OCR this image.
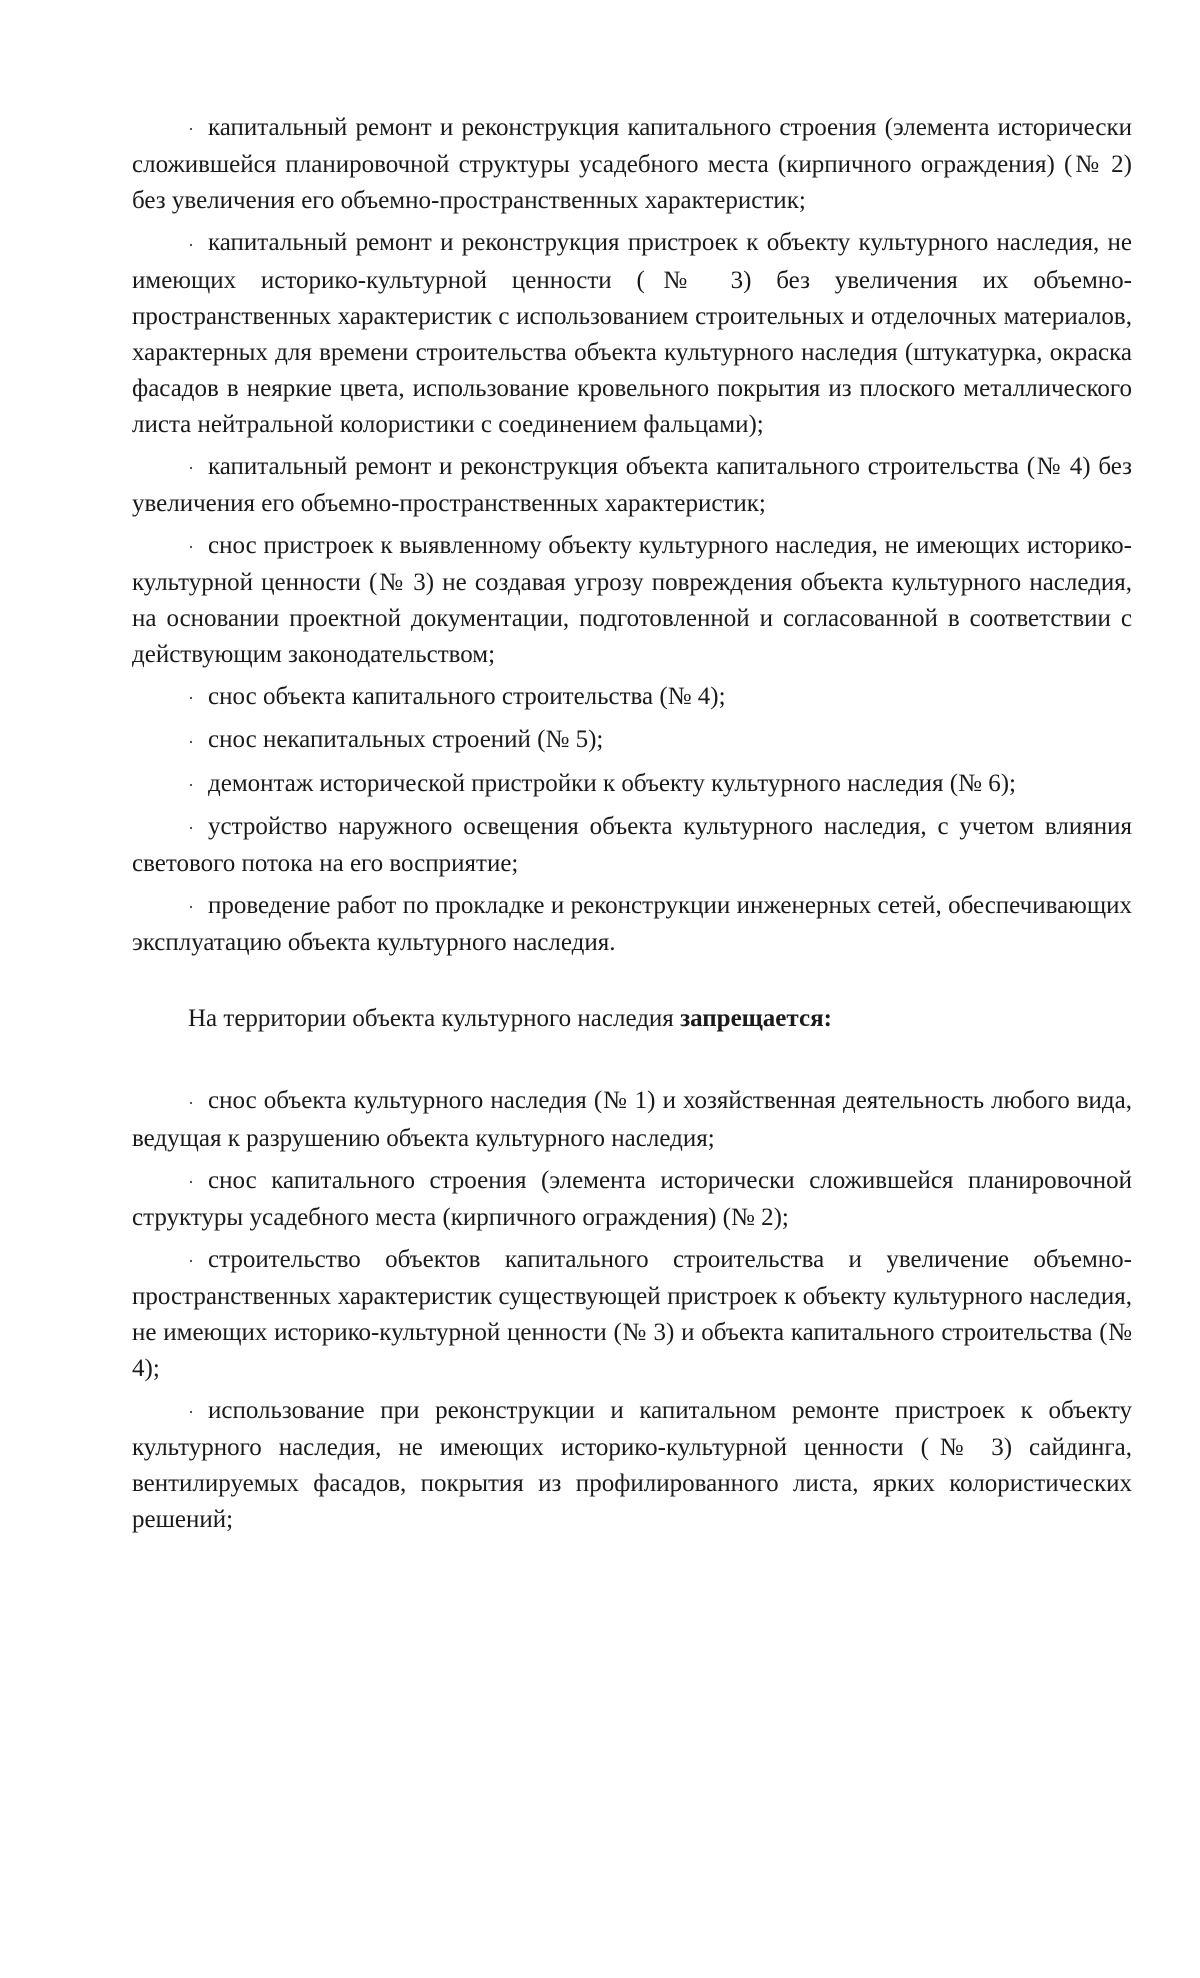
· капитальный ремонт и реконструкция капитального строения (элемента исторически сложившейся планировочной структуры усадебного места (кирпичного ограждения) (№ 2) без увеличения его объемно-пространственных характеристик;

· капитальный ремонт и реконструкция пристроек к объекту культурного наследия, не имеющих историко-культурной ценности (№ 3) без увеличения их объемно-пространственных характеристик с использованием строительных и отделочных материалов, характерных для времени строительства объекта культурного наследия (штукатурка, окраска фасадов в неяркие цвета, использование кровельного покрытия из плоского металлического листа нейтральной колористики с соединением фальцами);

· капитальный ремонт и реконструкция объекта капитального строительства (№ 4) без увеличения его объемно-пространственных характеристик;

· снос пристроек к выявленному объекту культурного наследия, не имеющих историко-культурной ценности (№ 3) не создавая угрозу повреждения объекта культурного наследия, на основании проектной документации, подготовленной и согласованной в соответствии с действующим законодательством;

· снос объекта капитального строительства (№ 4);

· снос некапитальных строений (№ 5);

· демонтаж исторической пристройки к объекту культурного наследия (№ 6);

· устройство наружного освещения объекта культурного наследия, с учетом влияния светового потока на его восприятие;

· проведение работ по прокладке и реконструкции инженерных сетей, обеспечивающих эксплуатацию объекта культурного наследия.

На территории объекта культурного наследия запрещается:

· снос объекта культурного наследия (№ 1) и хозяйственная деятельность любого вида, ведущая к разрушению объекта культурного наследия;

· снос капитального строения (элемента исторически сложившейся планировочной структуры усадебного места (кирпичного ограждения) (№ 2);

· строительство объектов капитального строительства и увеличение объемно-пространственных характеристик существующей пристроек к объекту культурного наследия, не имеющих историко-культурной ценности (№ 3) и объекта капитального строительства (№ 4);

· использование при реконструкции и капитальном ремонте пристроек к объекту культурного наследия, не имеющих историко-культурной ценности (№ 3) сайдинга, вентилируемых фасадов, покрытия из профилированного листа, ярких колористических решений;
